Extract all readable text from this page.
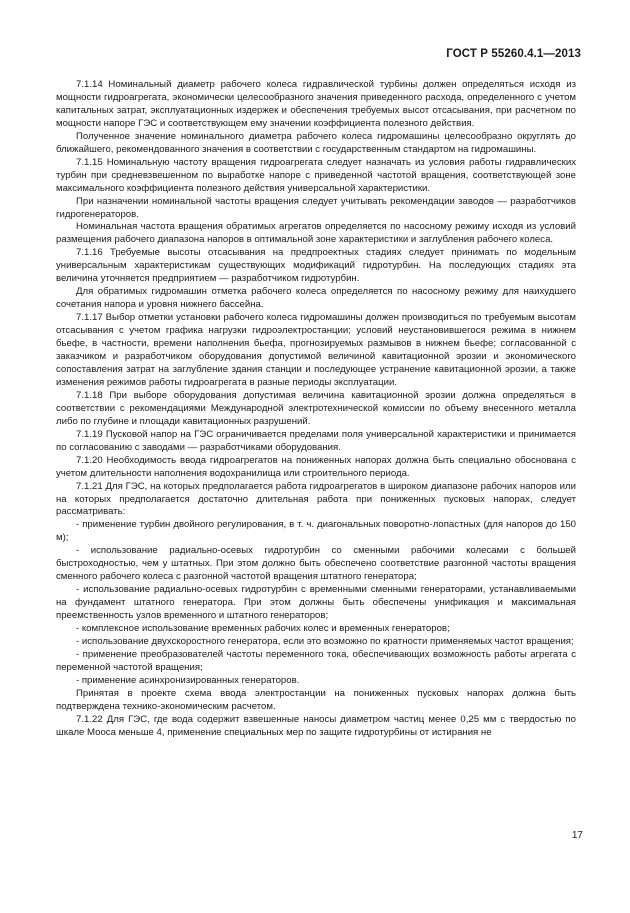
ГОСТ Р 55260.4.1—2013

7.1.14 Номинальный диаметр рабочего колеса гидравлической турбины должен определяться исходя из мощности гидроагрегата, экономически целесообразного значения приведенного расхода, определенного с учетом капитальных затрат, эксплуатационных издержек и обеспечения требуемых высот отсасывания, при расчетном по мощности напоре ГЭС и соответствующем ему значении коэффициента полезного действия.

Полученное значение номинального диаметра рабочего колеса гидромашины целесообразно округлять до ближайшего, рекомендованного значения в соответствии с государственным стандартом на гидромашины.

7.1.15 Номинальную частоту вращения гидроагрегата следует назначать из условия работы гидравлических турбин при средневзвешенном по выработке напоре с приведенной частотой вращения, соответствующей зоне максимального коэффициента полезного действия универсальной характеристики.

При назначении номинальной частоты вращения следует учитывать рекомендации заводов — разработчиков гидрогенераторов.

Номинальная частота вращения обратимых агрегатов определяется по насосному режиму исходя из условий размещения рабочего диапазона напоров в оптимальной зоне характеристики и заглубления рабочего колеса.

7.1.16 Требуемые высоты отсасывания на предпроектных стадиях следует принимать по модельным универсальным характеристикам существующих модификаций гидротурбин. На последующих стадиях эта величина уточняется предприятием — разработчиком гидротурбин.

Для обратимых гидромашин отметка рабочего колеса определяется по насосному режиму для наихудшего сочетания напора и уровня нижнего бассейна.

7.1.17 Выбор отметки установки рабочего колеса гидромашины должен производиться по требуемым высотам отсасывания с учетом графика нагрузки гидроэлектростанции; условий неустановившегося режима в нижнем бьефе, в частности, времени наполнения бьефа, прогнозируемых размывов в нижнем бьефе; согласованной с заказчиком и разработчиком оборудования допустимой величиной кавитационной эрозии и экономического сопоставления затрат на заглубление здания станции и последующее устранение кавитационной эрозии, а также изменения режимов работы гидроагрегата в разные периоды эксплуатации.

7.1.18 При выборе оборудования допустимая величина кавитационной эрозии должна определяться в соответствии с рекомендациями Международной электротехнической комиссии по объему внесенного металла либо по глубине и площади кавитационных разрушений.

7.1.19 Пусковой напор на ГЭС ограничивается пределами поля универсальной характеристики и принимается по согласованию с заводами — разработчиками оборудования.

7.1.20 Необходимость ввода гидроагрегатов на пониженных напорах должна быть специально обоснована с учетом длительности наполнения водохранилища или строительного периода.

7.1.21 Для ГЭС, на которых предполагается работа гидроагрегатов в широком диапазоне рабочих напоров или на которых предполагается достаточно длительная работа при пониженных пусковых напорах, следует рассматривать:

- применение турбин двойного регулирования, в т. ч. диагональных поворотно-лопастных (для напоров до 150 м);

- использование радиально-осевых гидротурбин со сменными рабочими колесами с большей быстроходностью, чем у штатных. При этом должно быть обеспечено соответствие разгонной частоты вращения сменного рабочего колеса с разгонной частотой вращения штатного генератора;

- использование радиально-осевых гидротурбин с временными сменными генераторами, устанавливаемыми на фундамент штатного генератора. При этом должны быть обеспечены унификация и максимальная преемственность узлов временного и штатного генераторов;

- комплексное использование временных рабочих колес и временных генераторов;

- использование двухскоростного генератора, если это возможно по кратности применяемых частот вращения;

- применение преобразователей частоты переменного тока, обеспечивающих возможность работы агрегата с переменной частотой вращения;

- применение асинхронизированных генераторов.

Принятая в проекте схема ввода электростанции на пониженных пусковых напорах должна быть подтверждена технико-экономическим расчетом.

7.1.22 Для ГЭС, где вода содержит взвешенные наносы диаметром частиц менее 0,25 мм с твердостью по шкале Мооса меньше 4, применение специальных мер по защите гидротурбины от истирания не

17
